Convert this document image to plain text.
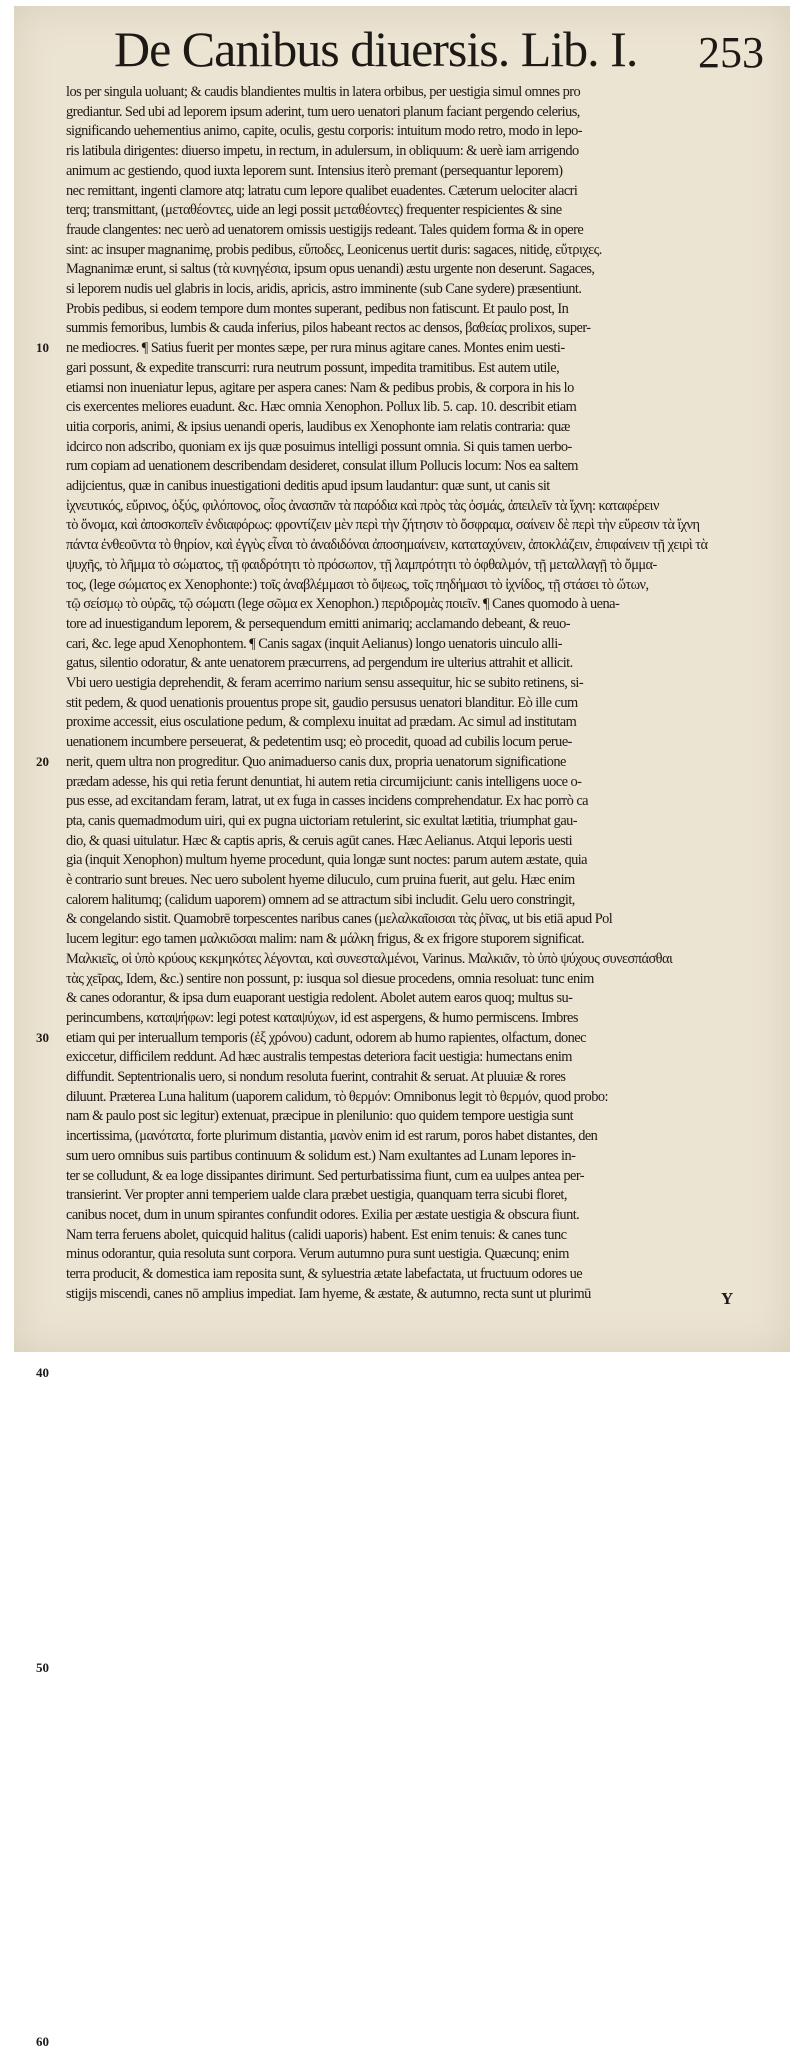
De Canibus diuersis. Lib. I. 253
los per singula uoluant; & caudis blandientes multis in latera orbibus, per uestigia simul omnes pro
grediantur. Sed ubi ad leporem ipsum aderint, tum uero uenatori planum faciant pergendo celerius,
significando uehementius animo, capite, oculis, gestu corporis: intuitum modo retro, modo in lepo-
ris latibula dirigentes: diuerso impetu, in rectum, in adulersum, in obliquum: & uerè iam arrigendo
animum ac gestiendo, quod iuxta leporem sunt. Intensius iterò premant (persequantur leporem)
nec remittant, ingenti clamore atq; latratu cum lepore qualibet euadentes. Cæterum uelociter alacri
terq; transmittant, (μεταθέοντες, uide an legi possit μεταθέοντες) frequenter respicientes & sine
fraude clangentes: nec uerò ad uenatorem omissis uestigijs redeant. Tales quidem forma & in opere
sint: ac insuper magnanimę, probis pedibus, εὔποδες, Leonicenus uertit duris: sagaces, nitidę, εὔτριχες.
Magnanimæ erunt, si saltus (τὰ κυνηγέσια, ipsum opus uenandi) æstu urgente non deserunt. Sagaces,
si leporem nudis uel glabris in locis, aridis, apricis, astro imminente (sub Cane sydere) præsentiunt.
Probis pedibus, si eodem tempore dum montes superant, pedibus non fatiscunt. Et paulo post, In
summis femoribus, lumbis & cauda inferius, pilos habeant rectos ac densos, βαθείας prolixos, super-
ne mediocres. ¶ Satius fuerit per montes sæpe, per rura minus agitare canes. Montes enim uesti-
gari possunt, & expedite transcurri: rura neutrum possunt, impedita tramitibus. Est autem utile,
etiamsi non inueniatur lepus, agitare per aspera canes: Nam & pedibus probis, & corpora in his lo
cis exercentes meliores euadunt. &c. Hæc omnia Xenophon. Pollux lib. 5. cap. 10. describit etiam
uitia corporis, animi, & ipsius uenandi operis, laudibus ex Xenophonte iam relatis contraria: quæ
idcirco non adscribo, quoniam ex ijs quæ posuimus intelligi possunt omnia. Si quis tamen uerbo-
rum copiam ad uenationem describendam desideret, consulat illum Pollucis locum: Nos ea saltem
adijcientus, quæ in canibus inuestigationi deditis apud ipsum laudantur: quæ sunt, ut canis sit
ἰχνευτικός, εὔρινος, ὀξύς, φιλόπονος, οἷος ἀνασπᾶν τὰ παρόδια καὶ πρὸς τὰς ὀσμάς, ἀπειλεῖν τὰ ἴχνη: καταφέρειν
τὸ ὄνομα, καὶ ἀποσκοπεῖν ἐνδιαφόρως: φροντίζειν μὲν περὶ τὴν ζήτησιν τὸ ὄσφραμα, σαίνειν δὲ περὶ τὴν εὕρεσιν τὰ ἴχνη
πάντα ἐνθεοῦντα τὸ θηρίον, καὶ ἐγγὺς εἶναι τὸ ἀναδιδόναι ἀποσημαίνειν, καταταχύνειν, ἀποκλάζειν, ἐπιφαίνειν τῇ χειρὶ τὰ
ψυχῆς, τὸ λῆμμα τὸ σώματος, τῇ φαιδρότητι τὸ πρόσωπον, τῇ λαμπρότητι τὸ ὀφθαλμόν, τῇ μεταλλαγῇ τὸ ὄμμα-
τος, (lege σώματος ex Xenophonte:) τοῖς ἀναβλέμμασι τὸ ὄψεως, τοῖς πηδήμασι τὸ ἰχνίδος, τῇ στάσει τὸ ὤτων,
τῷ σείσμῳ τὸ οὐρᾶς, τῷ σώματι (lege σῶμα ex Xenophon.) περιδρομὰς ποιεῖν. ¶ Canes quomodo à uena-
tore ad inuestigandum leporem, & persequendum emitti animariq; acclamando debeant, & reuo-
cari, &c. lege apud Xenophontem. ¶ Canis sagax (inquit Aelianus) longo uenatoris uinculo alli-
gatus, silentio odoratur, & ante uenatorem præcurrens, ad pergendum ire ulterius attrahit et allicit.
Vbi uero uestigia deprehendit, & feram acerrimo narium sensu assequitur, hic se subito retinens, si-
stit pedem, & quod uenationis prouentus prope sit, gaudio persusus uenatori blanditur. Eò ille cum
proxime accessit, eius osculatione pedum, & complexu inuitat ad prædam. Ac simul ad institutam
uenationem incumbere perseuerat, & pedetentim usq; eò procedit, quoad ad cubilis locum perue-
nerit, quem ultra non progreditur. Quo animaduerso canis dux, propria uenatorum significatione
prædam adesse, his qui retia ferunt denuntiat, hi autem retia circumijciunt: canis intelligens uoce o-
pus esse, ad excitandam feram, latrat, ut ex fuga in casses incidens comprehendatur. Ex hac porrò ca
pta, canis quemadmodum uiri, qui ex pugna uictoriam retulerint, sic exultat lætitia, triumphat gau-
dio, & quasi uitulatur. Hæc & captis apris, & ceruis agūt canes. Hæc Aelianus. Atqui leporis uesti
gia (inquit Xenophon) multum hyeme procedunt, quia longæ sunt noctes: parum autem æstate, quia
è contrario sunt breues. Nec uero subolent hyeme diluculo, cum pruina fuerit, aut gelu. Hæc enim
calorem halitumq; (calidum uaporem) omnem ad se attractum sibi includit. Gelu uero constringit,
& congelando sistit. Quamobrē torpescentes naribus canes (μελαλκαῖοισαι τὰς ῥῖνας, ut bis etiā apud Pol
lucem legitur: ego tamen μαλκιῶσαι malim: nam & μάλκη frigus, & ex frigore stuporem significat.
Μαλκιεῖς, οἱ ὑπὸ κρύους κεκμηκότες λέγονται, καὶ συνεσταλμένοι, Varinus. Μαλκιᾶν, τὸ ὑπὸ ψύχους συνεσπάσθαι
τὰς χεῖρας, Idem, &c.) sentire non possunt, p: iusqua sol diesue procedens, omnia resoluat: tunc enim
& canes odorantur, & ipsa dum euaporant uestigia redolent. Abolet autem earos quoq; multus su-
perincumbens, καταψήφων: legi potest καταψύχων, id est aspergens, & humo permiscens. Imbres
etiam qui per interuallum temporis (ἐξ χρόνου) cadunt, odorem ab humo rapientes, olfactum, donec
exiccetur, difficilem reddunt. Ad hæc australis tempestas deteriora facit uestigia: humectans enim
diffundit. Septentrionalis uero, si nondum resoluta fuerint, contrahit & seruat. At pluuiæ & rores
diluunt. Præterea Luna halitum (uaporem calidum, τὸ θερμόν: Omnibonus legit τὸ θερμόν, quod probo:
nam & paulo post sic legitur) extenuat, præcipue in plenilunio: quo quidem tempore uestigia sunt
incertissima, (μανότατα, forte plurimum distantia, μανὸν enim id est rarum, poros habet distantes, den
sum uero omnibus suis partibus continuum & solidum est.) Nam exultantes ad Lunam lepores in-
ter se colludunt, & ea loge dissipantes dirimunt. Sed perturbatissima fiunt, cum ea uulpes antea per-
transierint. Ver propter anni temperiem ualde clara præbet uestigia, quanquam terra sicubi floret,
canibus nocet, dum in unum spirantes confundit odores. Exilia per æstate uestigia & obscura fiunt.
Nam terra feruens abolet, quicquid halitus (calidi uaporis) habent. Est enim tenuis: & canes tunc
minus odorantur, quia resoluta sunt corpora. Verum autumno pura sunt uestigia. Quæcunq; enim
terra producit, & domestica iam reposita sunt, & syluestria ætate labefactata, ut fructuum odores ue
stigijs miscendi, canes nō amplius impediat. Iam hyeme, & æstate, & autumno, recta sunt ut plurimū	Y
10
20
30
40
50
60
